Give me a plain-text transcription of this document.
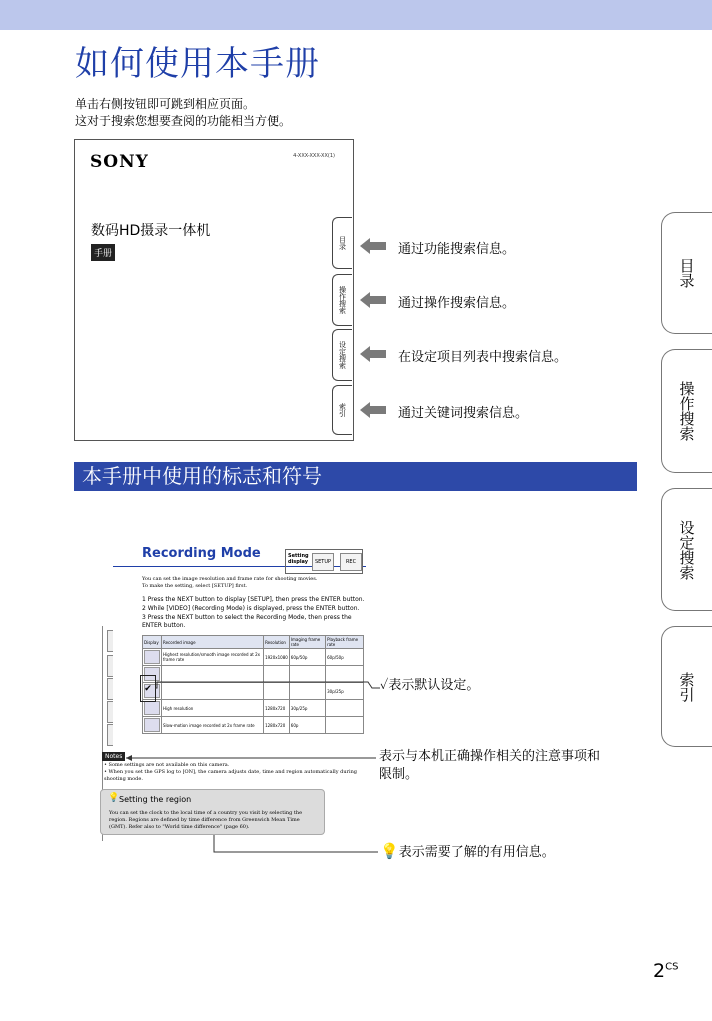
如何使用本手册
单击右侧按钮即可跳到相应页面。
这对于搜索您想要查阅的功能相当方便。
SONY	4-XXX-XXX-XX(1)
数码HD摄录一体机
手册
目录
操作搜索
设定搜索
索引
通过功能搜索信息。
通过操作搜索信息。
在设定项目列表中搜索信息。
通过关键词搜索信息。
本手册中使用的标志和符号
目录
操作搜索
设定搜索
索引
Recording Mode	Setting display	SETUP	REC
You can set the image resolution and frame rate for shooting movies.
To make the setting, select [SETUP] first.
1 Press the NEXT button to display [SETUP], then press the ENTER button.
2 While [VIDEO] (Recording Mode) is displayed, press the ENTER button.
3 Press the NEXT button to select the Recording Mode, then press the
ENTER button.
Display	Recorded image	Resolution	Imaging frame rate	Playback frame rate

	Highest resolution/smooth image recorded at 2x frame rate	1920x1080	60p/50p	60p/50p

				30p/25p

	High resolution	1280x720	30p/25p	

	Slow-motion image recorded at 2x frame rate	1280x720	60p	
✔
Notes
• Some settings are not available on this camera.
• When you set the GPS log to [ON], the camera adjusts date, time and region automatically during shooting mode.
💡 Setting the region
You can set the clock to the local time of a country you visit by selecting the region. Regions are defined by time difference from Greenwich Mean Time (GMT). Refer also to "World time difference" (page 60).
✓表示默认设定。
表示与本机正确操作相关的注意事项和
限制。
💡表示需要了解的有用信息。
$2^{CS}$
